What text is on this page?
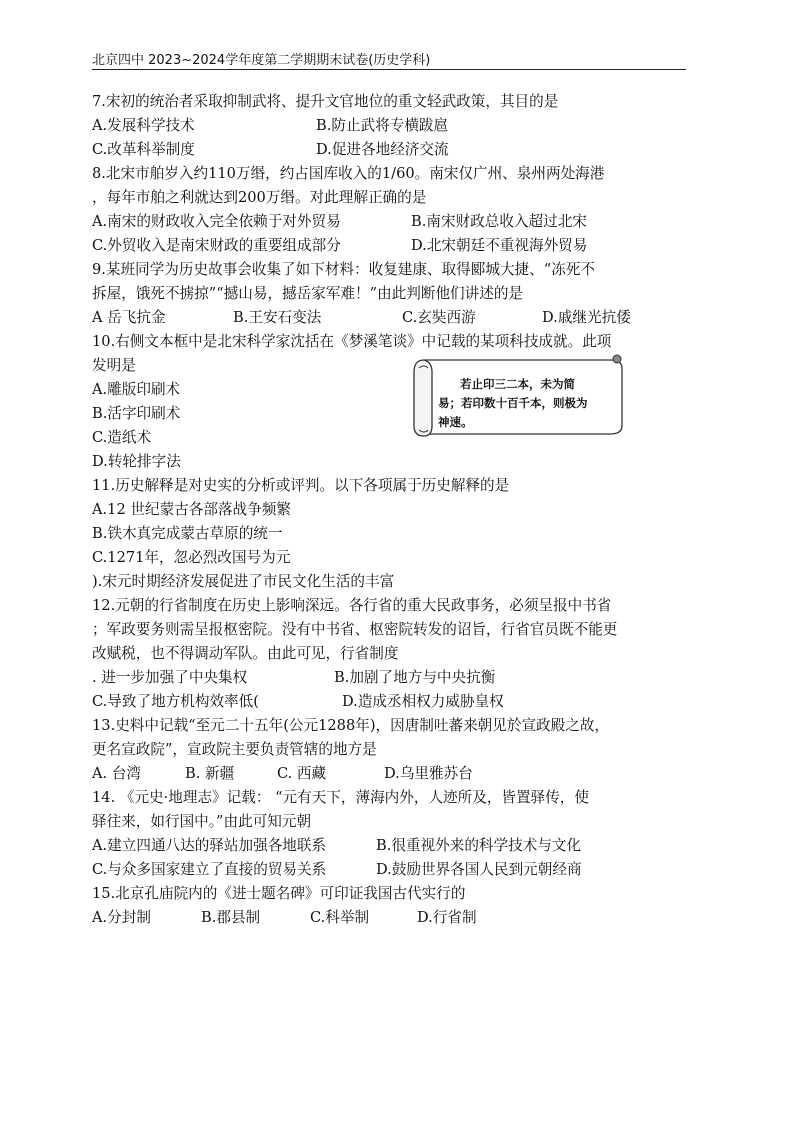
北京四中 2023~2024学年度第二学期期末试卷(历史学科)
7.宋初的统治者采取抑制武将、提升文官地位的重文轻武政策，其目的是
A.发展科学技术	B.防止武将专横跋扈
C.改革科举制度	D.促进各地经济交流
8.北宋市舶岁入约110万缗，约占国库收入的1/60。南宋仅广州、泉州两处海港
，每年市舶之利就达到200万缗。对此理解正确的是
A.南宋的财政收入完全依赖于对外贸易	B.南宋财政总收入超过北宋
C.外贸收入是南宋财政的重要组成部分	D.北宋朝廷不重视海外贸易
9.某班同学为历史故事会收集了如下材料：收复建康、取得郾城大捷、“冻死不
拆屋，饿死不掳掠”“撼山易，撼岳家军难！”由此判断他们讲述的是
A 岳飞抗金	B.王安石变法	C.玄奘西游	D.戚继光抗倭
10.右侧文本框中是北宋科学家沈括在《梦溪笔谈》中记载的某项科技成就。此项
发明是
A.雕版印刷术
B.活字印刷术
C.造纸术
D.转轮排字法
若止印三二本，未为简
易；若印数十百千本，则极为
神速。
11.历史解释是对史实的分析或评判。以下各项属于历史解释的是
A.12 世纪蒙古各部落战争频繁
B.铁木真完成蒙古草原的统一
C.1271年，忽必烈改国号为元
).宋元时期经济发展促进了市民文化生活的丰富
12.元朝的行省制度在历史上影响深远。各行省的重大民政事务，必须呈报中书省
；军政要务则需呈报枢密院。没有中书省、枢密院转发的诏旨，行省官员既不能更
改赋税，也不得调动军队。由此可见，行省制度
. 进一步加强了中央集权	B.加剧了地方与中央抗衡
C.导致了地方机构效率低(	D.造成丞相权力威胁皇权
13.史料中记载“至元二十五年(公元1288年)，因唐制吐蕃来朝见於宣政殿之故，
更名宣政院”，宣政院主要负责管辖的地方是
A. 台湾	B. 新疆	C. 西藏	D.乌里雅苏台
14. 《元史·地理志》记载： “元有天下，薄海内外，人迹所及，皆置驿传，使
驿往来，如行国中。”由此可知元朝
A.建立四通八达的驿站加强各地联系	B.很重视外来的科学技术与文化
C.与众多国家建立了直接的贸易关系	D.鼓励世界各国人民到元朝经商
15.北京孔庙院内的《进士题名碑》可印证我国古代实行的
A.分封制	B.郡县制	C.科举制	D.行省制
